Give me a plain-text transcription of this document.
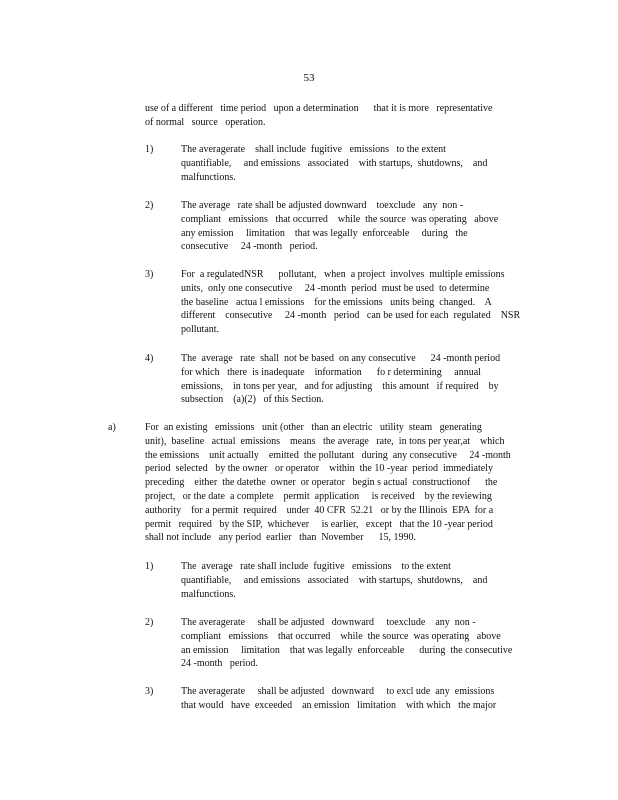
53
use of a different   time period   upon a determination      that it is more   representative
of normal   source   operation.
1)	The averagerate    shall include  fugitive   emissions   to the extent
quantifiable,     and emissions   associated    with startups,  shutdowns,    and
malfunctions.
2)	The average   rate shall be adjusted downward    toexclude   any  non -
compliant   emissions   that occurred    while  the source  was operating   above
any emission     limitation    that was legally  enforceable     during   the
consecutive     24 -month   period.
3)	For  a regulatedNSR      pollutant,   when  a project  involves  multiple emissions
units,  only one consecutive     24 -month  period  must be used  to determine
the baseline   actua l emissions    for the emissions   units being  changed.    A
different    consecutive     24 -month   period   can be used for each  regulated    NSR
pollutant.
4)	The  average   rate  shall  not be based  on any consecutive      24 -month period
for which   there  is inadequate    information      fo r determining     annual
emissions,    in tons per year,   and for adjusting    this amount   if required    by
subsection    (a)(2)   of this Section.
a)	For  an existing   emissions   unit (other   than an electric   utility  steam   generating
unit),  baseline   actual  emissions    means   the average   rate,  in tons per year,at    which
the emissions    unit actually    emitted  the pollutant   during  any consecutive     24 -month
period  selected   by the owner   or operator    within  the 10 -year  period  immediately
preceding    either  the datethe  owner  or operator   begin s actual  constructionof      the
project,   or the date  a complete    permit  application     is received    by the reviewing
authority    for a permit  required    under  40 CFR  52.21   or by the Illinois  EPA  for a
permit   required   by the SIP,  whichever     is earlier,   except   that the 10 -year period
shall not include   any period  earlier   than  November      15, 1990.
1)	The  average   rate shall include  fugitive   emissions    to the extent
quantifiable,     and emissions   associated    with startups,  shutdowns,    and
malfunctions.
2)	The averagerate     shall be adjusted   downward     toexclude    any  non -
compliant   emissions    that occurred    while  the source  was operating   above
an emission     limitation    that was legally  enforceable      during  the consecutive
24 -month   period.
3)	The averagerate     shall be adjusted   downward     to excl ude  any  emissions
that would   have  exceeded    an emission   limitation    with which   the major
